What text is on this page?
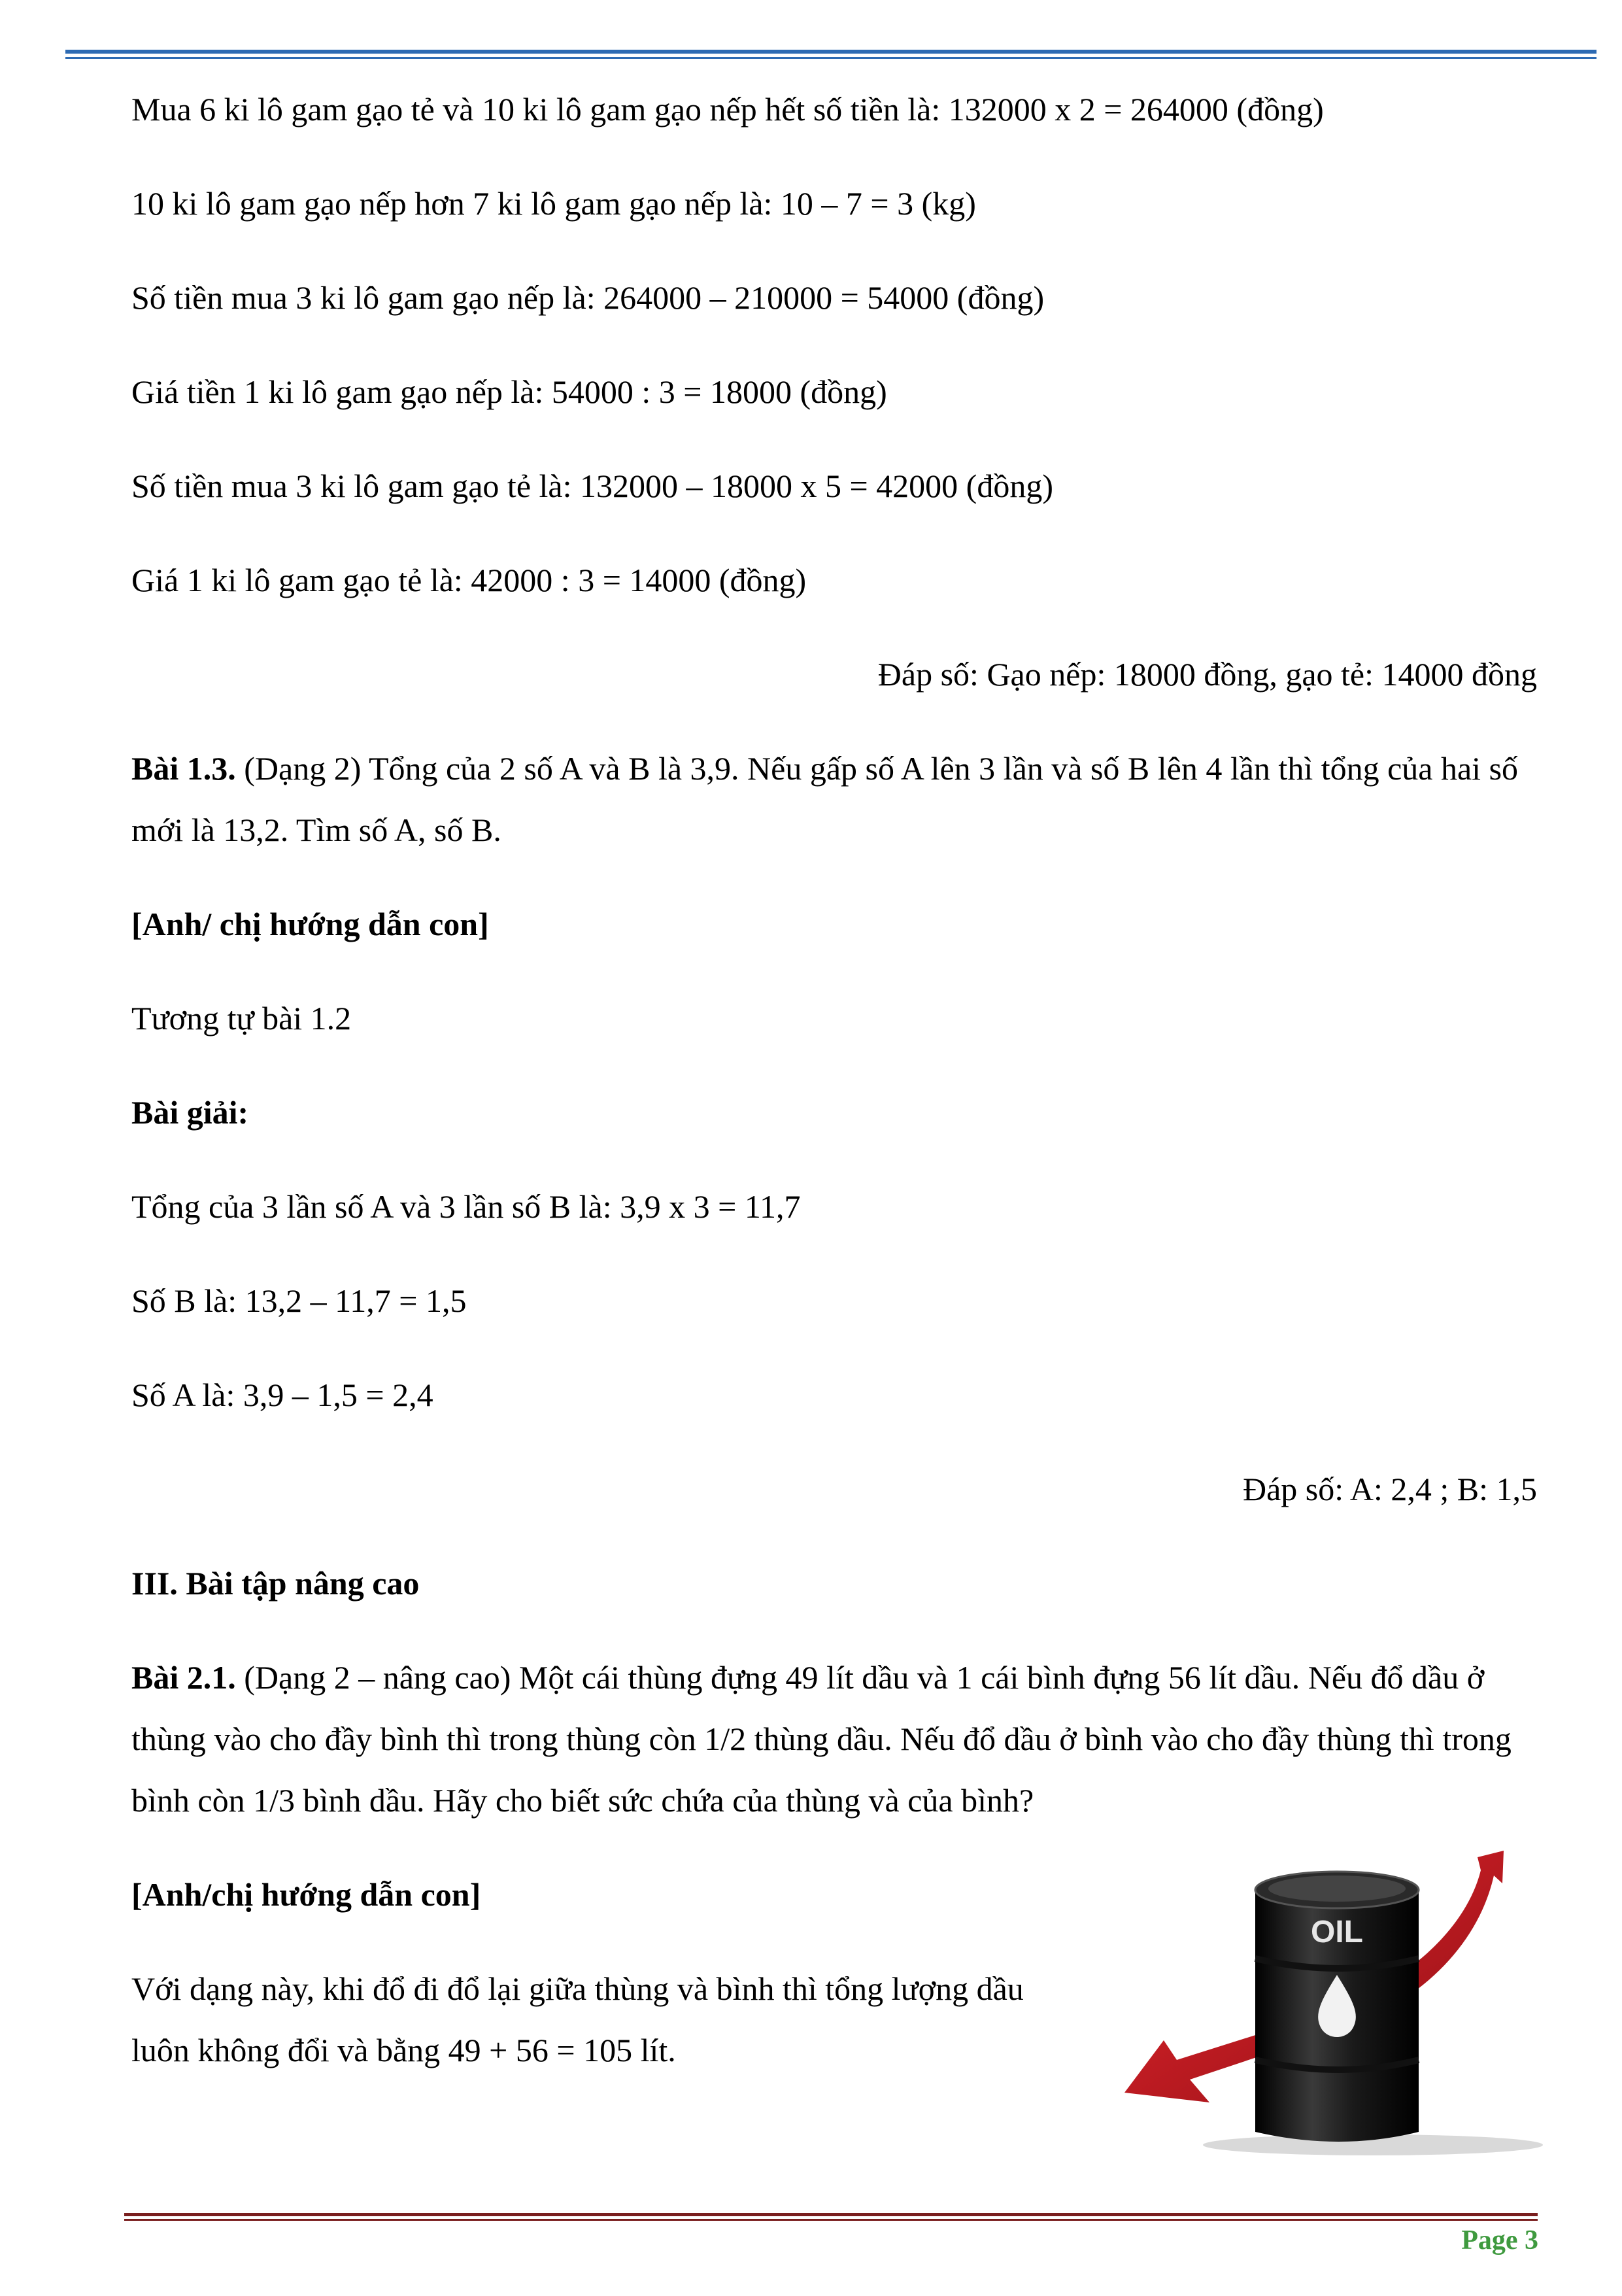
Mua 6 ki lô gam gạo tẻ và 10 ki lô gam gạo nếp hết số tiền là: 132000 x 2 = 264000 (đồng)
10 ki lô gam gạo nếp hơn 7 ki lô gam gạo nếp là: 10 – 7 = 3 (kg)
Số tiền mua 3 ki lô gam gạo nếp là: 264000 – 210000 = 54000 (đồng)
Giá tiền 1 ki lô gam gạo nếp là: 54000 : 3 = 18000 (đồng)
Số tiền mua 3 ki lô gam gạo tẻ là: 132000 – 18000 x 5 = 42000 (đồng)
Giá 1 ki lô gam gạo tẻ là: 42000 : 3 = 14000 (đồng)
Đáp số: Gạo nếp: 18000 đồng, gạo tẻ: 14000 đồng
Bài 1.3. (Dạng 2) Tổng của 2 số A và B là 3,9. Nếu gấp số A lên 3 lần và số B lên 4 lần thì tổng của hai số mới là 13,2. Tìm số A, số B.
[Anh/ chị hướng dẫn con]
Tương tự bài 1.2
Bài giải:
Tổng của 3 lần số A và 3 lần số B là: 3,9 x 3 = 11,7
Số B là: 13,2 – 11,7 = 1,5
Số A là: 3,9 – 1,5 = 2,4
Đáp số: A: 2,4 ; B: 1,5
III. Bài tập nâng cao
Bài 2.1. (Dạng 2 – nâng cao) Một cái thùng đựng 49 lít dầu và 1 cái bình đựng 56 lít dầu. Nếu đổ dầu ở thùng vào cho đầy bình thì trong thùng còn 1/2 thùng dầu. Nếu đổ dầu ở bình vào cho đầy thùng thì trong bình còn 1/3 bình dầu. Hãy cho biết sức chứa của thùng và của bình?
[Anh/chị hướng dẫn con]
Với dạng này, khi đổ đi đổ lại giữa thùng và bình thì tổng lượng dầu luôn không đổi và bằng 49 + 56 = 105 lít.
OIL
Page 3
